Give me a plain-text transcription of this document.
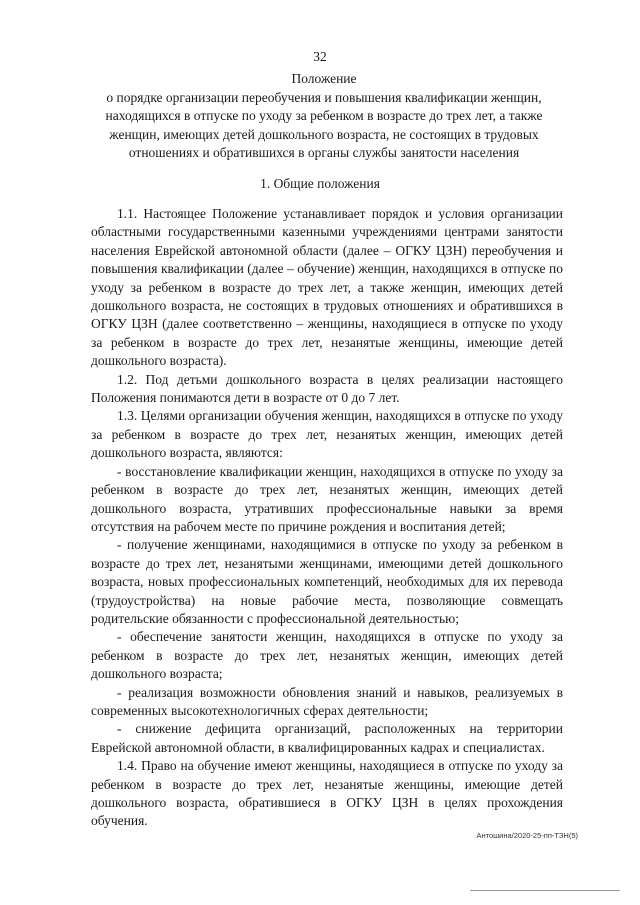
32
Положение
о порядке организации переобучения и повышения квалификации женщин, находящихся в отпуске по уходу за ребенком в возрасте до трех лет, а также женщин, имеющих детей дошкольного возраста, не состоящих в трудовых отношениях и обратившихся в органы службы занятости населения
1. Общие положения

1.1. Настоящее Положение устанавливает порядок и условия организации областными государственными казенными учреждениями центрами занятости населения Еврейской автономной области (далее – ОГКУ ЦЗН) переобучения и повышения квалификации (далее – обучение) женщин, находящихся в отпуске по уходу за ребенком в возрасте до трех лет, а также женщин, имеющих детей дошкольного возраста, не состоящих в трудовых отношениях и обратившихся в ОГКУ ЦЗН (далее соответственно – женщины, находящиеся в отпуске по уходу за ребенком в возрасте до трех лет, незанятые женщины, имеющие детей дошкольного возраста).

1.2. Под детьми дошкольного возраста в целях реализации настоящего Положения понимаются дети в возрасте от 0 до 7 лет.

1.3. Целями организации обучения женщин, находящихся в отпуске по уходу за ребенком в возрасте до трех лет, незанятых женщин, имеющих детей дошкольного возраста, являются:

- восстановление квалификации женщин, находящихся в отпуске по уходу за ребенком в возрасте до трех лет, незанятых женщин, имеющих детей дошкольного возраста, утративших профессиональные навыки за время отсутствия на рабочем месте по причине рождения и воспитания детей;

- получение женщинами, находящимися в отпуске по уходу за ребенком в возрасте до трех лет, незанятыми женщинами, имеющими детей дошкольного возраста, новых профессиональных компетенций, необходимых для их перевода (трудоустройства) на новые рабочие места, позволяющие совмещать родительские обязанности с профессиональной деятельностью;

- обеспечение занятости женщин, находящихся в отпуске по уходу за ребенком в возрасте до трех лет, незанятых женщин, имеющих детей дошкольного возраста;

- реализация возможности обновления знаний и навыков, реализуемых в современных высокотехнологичных сферах деятельности;

- снижение дефицита организаций, расположенных на территории Еврейской автономной области, в квалифицированных кадрах и специалистах.

1.4. Право на обучение имеют женщины, находящиеся в отпуске по уходу за ребенком в возрасте до трех лет, незанятые женщины, имеющие детей дошкольного возраста, обратившиеся в ОГКУ ЦЗН в целях прохождения обучения.

Антошина/2020-25-пп-ТЗН(5)
